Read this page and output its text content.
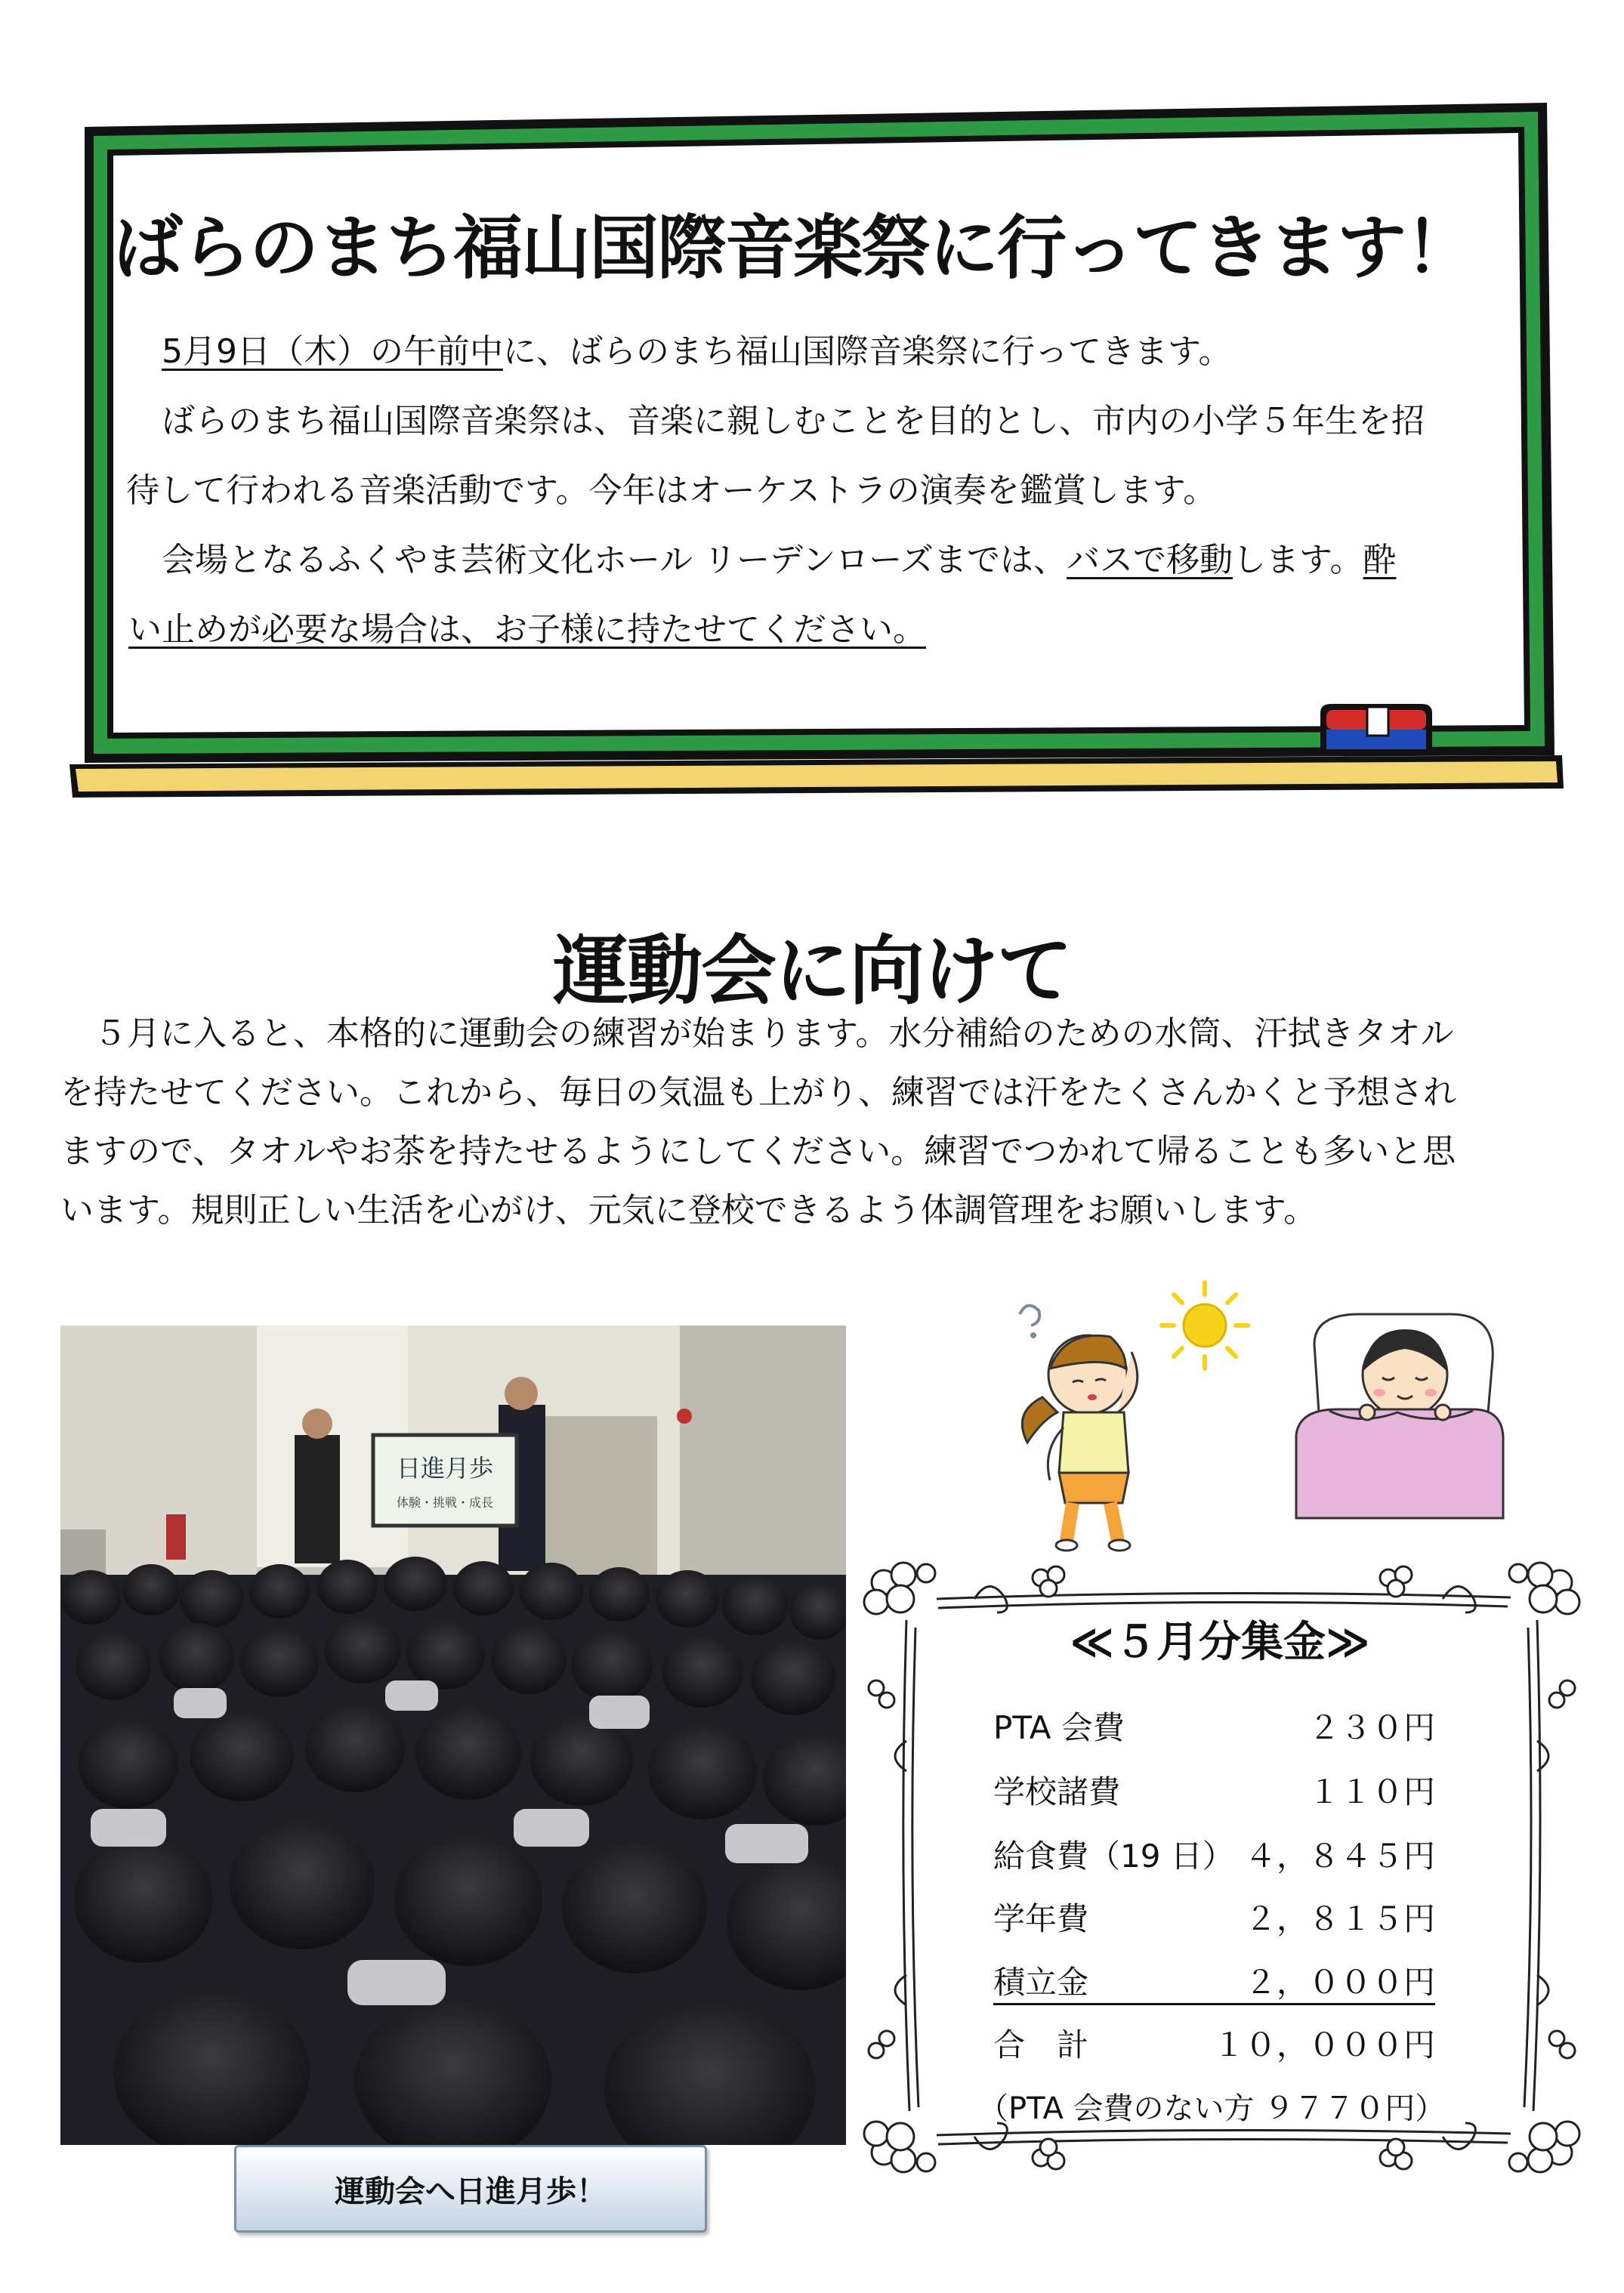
ばらのまち福山国際音楽祭に行ってきます！

　5月9日（木）の午前中に、ばらのまち福山国際音楽祭に行ってきます。

　ばらのまち福山国際音楽祭は、音楽に親しむことを目的とし、市内の小学５年生を招

待して行われる音楽活動です。今年はオーケストラの演奏を鑑賞します。

　会場となるふくやま芸術文化ホール リーデンローズまでは、バスで移動します。酔

い止めが必要な場合は、お子様に持たせてください。

運動会に向けて

　５月に入ると、本格的に運動会の練習が始まります。水分補給のための水筒、汗拭きタオル

を持たせてください。これから、毎日の気温も上がり、練習では汗をたくさんかくと予想され

ますので、タオルやお茶を持たせるようにしてください。練習でつかれて帰ることも多いと思

います。規則正しい生活を心がけ、元気に登校できるよう体調管理をお願いします。

日進月歩
体験・挑戦・成長
運動会へ日進月歩！
≪５月分集金≫
PTA 会費	２３０円
学校諸費	１１０円
給食費（19 日） ４，８４５円
学年費	２，８１５円
積立金	２，０００円
合　計	１０，０００円
（PTA 会費のない方 ９７７０円）
